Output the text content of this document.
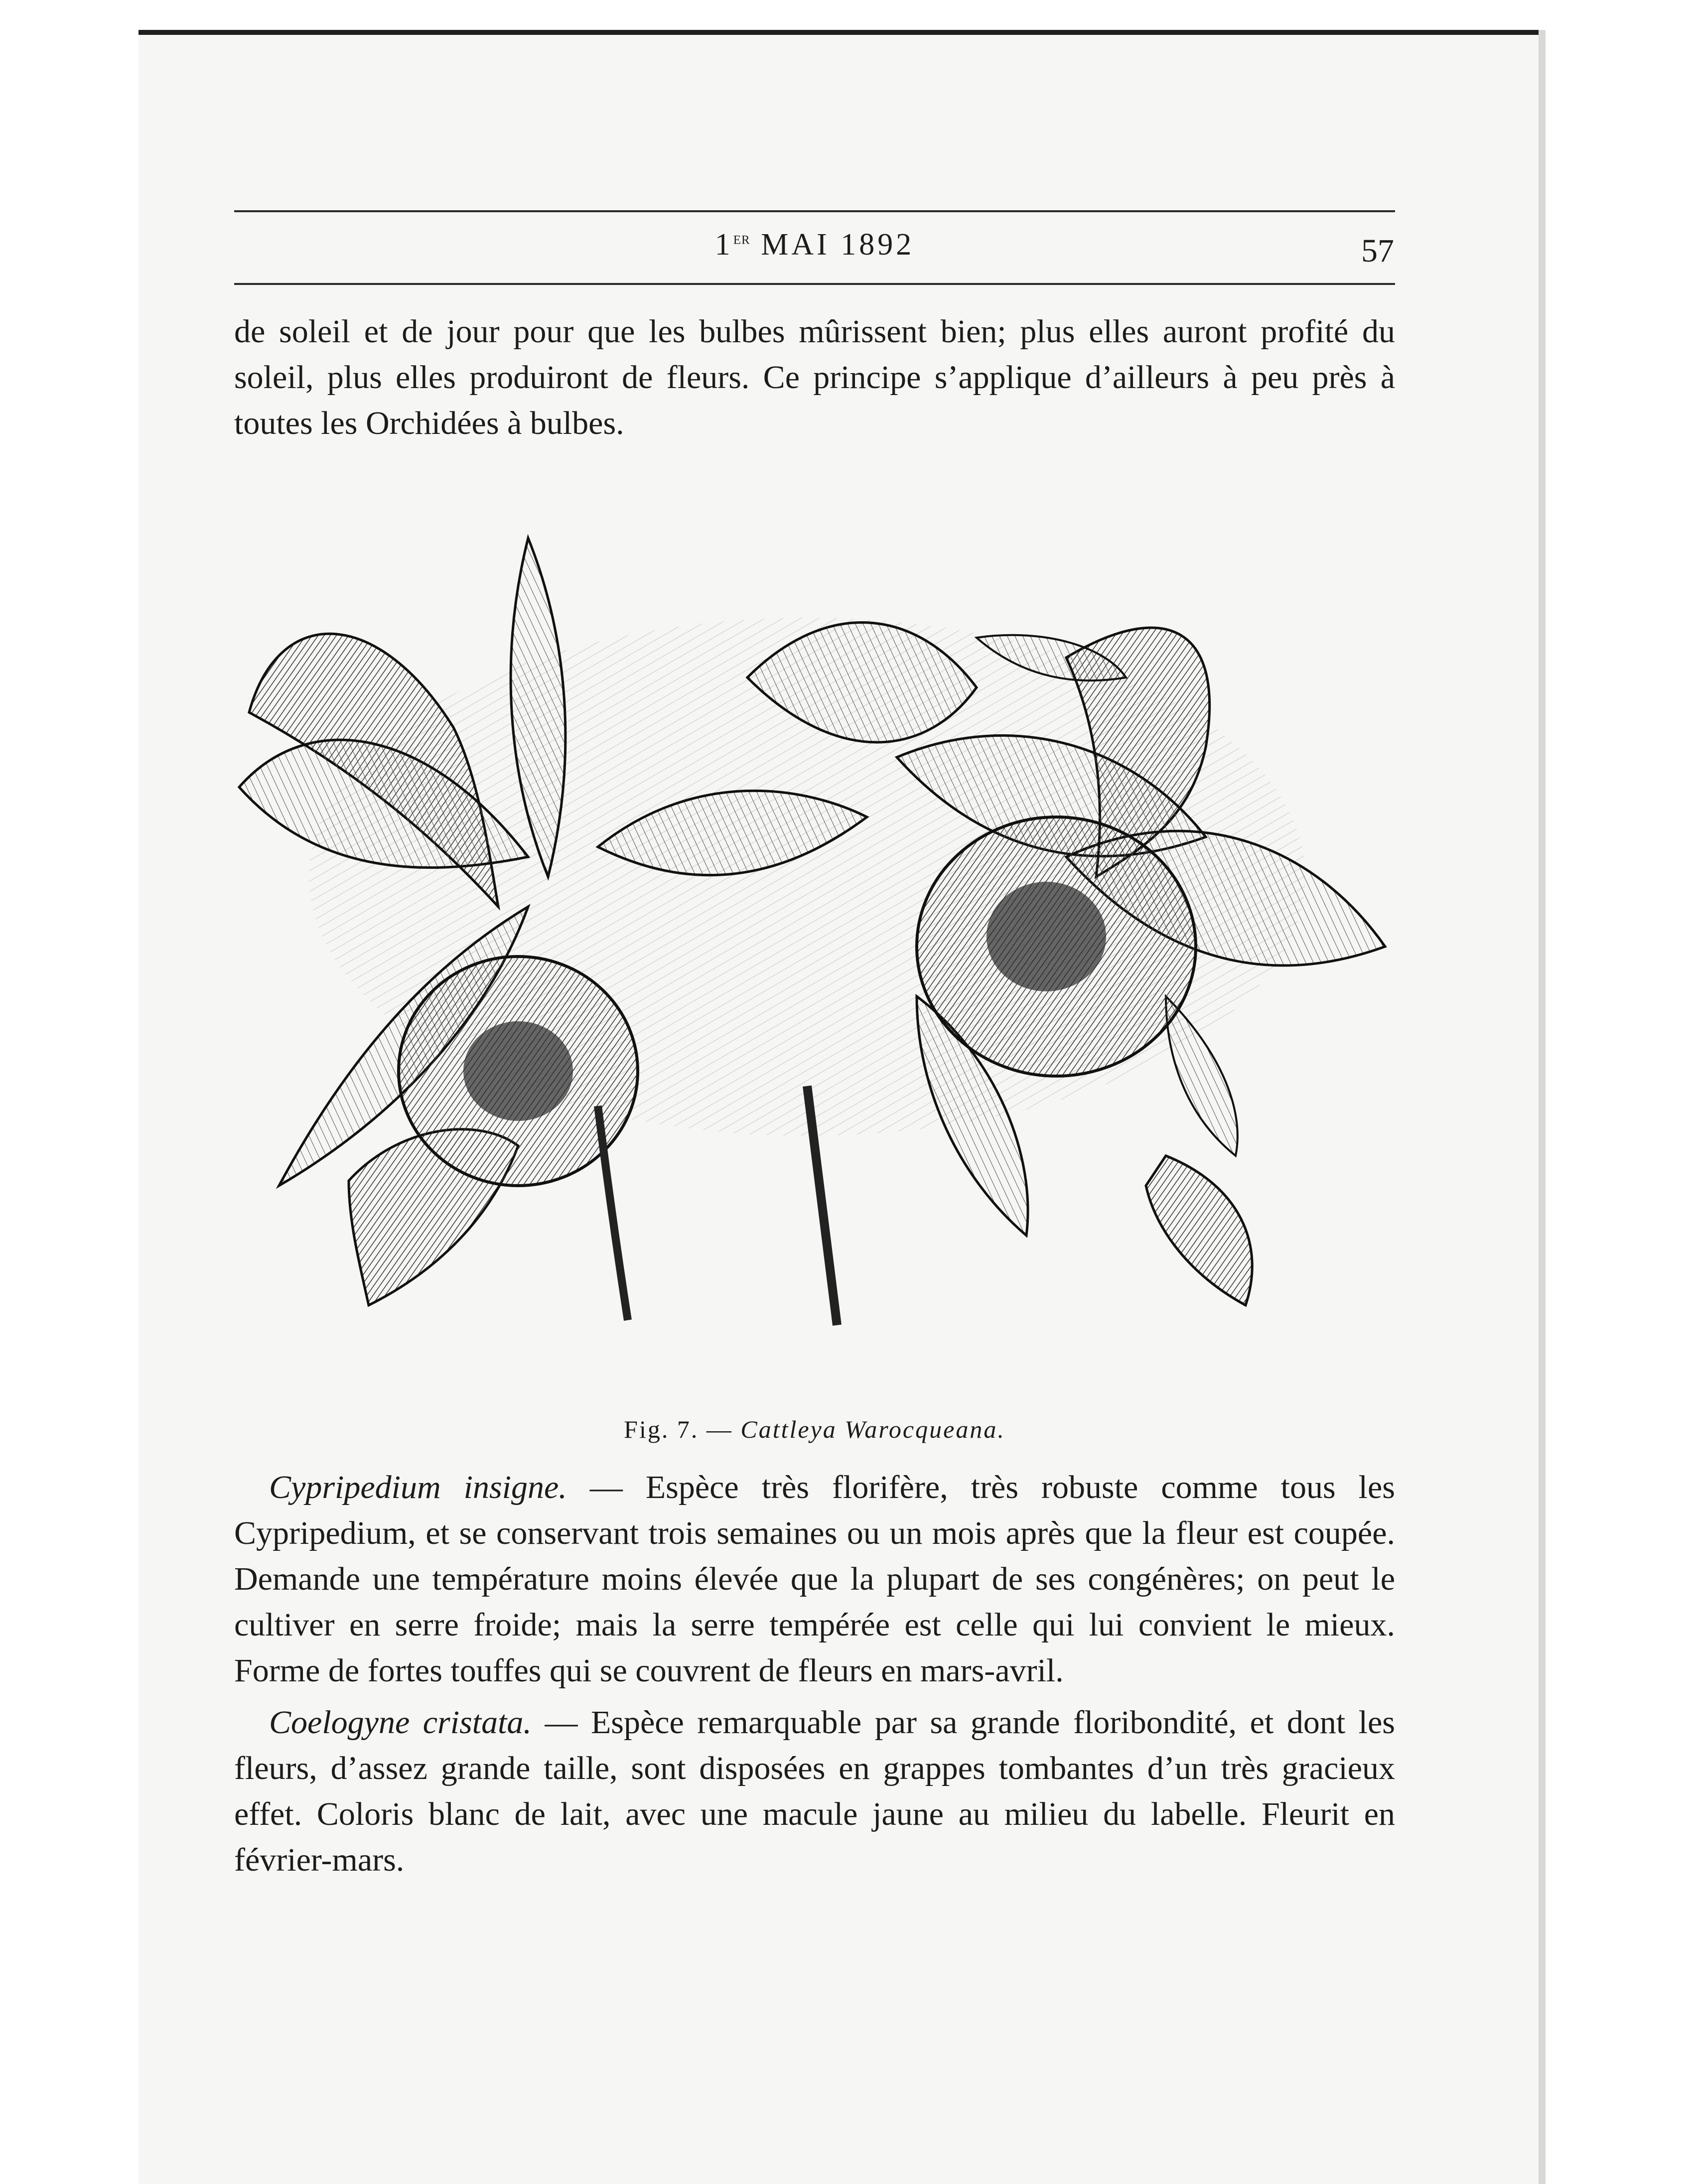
1er MAI 1892	57

de soleil et de jour pour que les bulbes mûrissent bien; plus elles auront profité du soleil, plus elles produiront de fleurs. Ce principe s’applique d’ailleurs à peu près à toutes les Orchidées à bulbes.

Fig. 7. — Cattleya Warocqueana.

Cypripedium insigne. — Espèce très florifère, très robuste comme tous les Cypripedium, et se conservant trois semaines ou un mois après que la fleur est coupée. Demande une température moins élevée que la plupart de ses congénères; on peut le cultiver en serre froide; mais la serre tempérée est celle qui lui convient le mieux. Forme de fortes touffes qui se couvrent de fleurs en mars-avril.

Coelogyne cristata. — Espèce remarquable par sa grande floribondité, et dont les fleurs, d’assez grande taille, sont disposées en grappes tombantes d’un très gracieux effet. Coloris blanc de lait, avec une macule jaune au milieu du labelle. Fleurit en février-mars.
